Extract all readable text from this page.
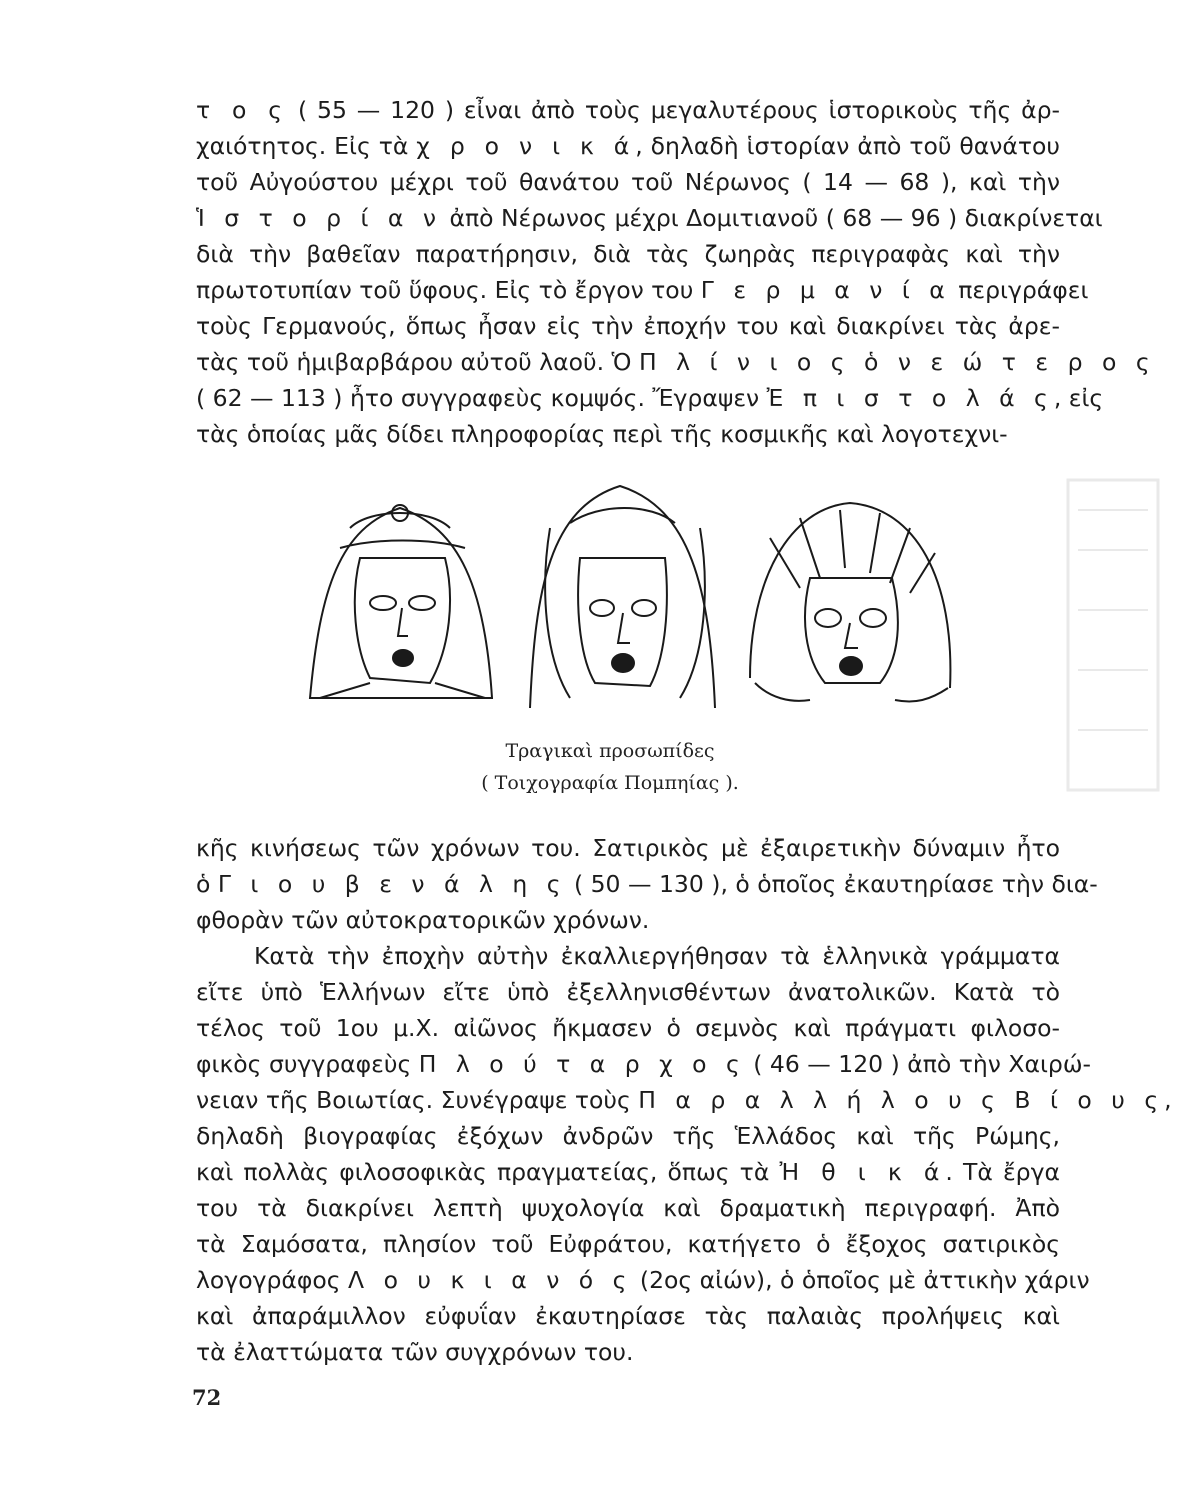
τ ο ς ( 55 — 120 ) εἶναι ἀπὸ τοὺς μεγαλυτέρους ἱστορικοὺς τῆς ἀρ-
χαιότητος. Εἰς τὰ χ ρ ο ν ι κ ά, δηλαδὴ ἱστορίαν ἀπὸ τοῦ θανάτου
τοῦ Αὐγούστου μέχρι τοῦ θανάτου τοῦ Νέρωνος ( 14 — 68 ), καὶ τὴν
Ἱ σ τ ο ρ ί α ν ἀπὸ Νέρωνος μέχρι Δομιτιανοῦ ( 68 — 96 ) διακρίνεται
διὰ τὴν βαθεῖαν παρατήρησιν, διὰ τὰς ζωηρὰς περιγραφὰς καὶ τὴν
πρωτοτυπίαν τοῦ ὕφους. Εἰς τὸ ἔργον του Γ ε ρ μ α ν ί α περιγράφει
τοὺς Γερμανούς, ὅπως ἦσαν εἰς τὴν ἐποχήν του καὶ διακρίνει τὰς ἀρε-
τὰς τοῦ ἡμιβαρβάρου αὐτοῦ λαοῦ. Ὁ Π λ ί ν ι ο ς ὁ ν ε ώ τ ε ρ ο ς
( 62 — 113 ) ἦτο συγγραφεὺς κομψός. Ἔγραψεν Ἐ π ι σ τ ο λ ά ς, εἰς
τὰς ὁποίας μᾶς δίδει πληροφορίας περὶ τῆς κοσμικῆς καὶ λογοτεχνι-
κῆς κινήσεως τῶν χρόνων του. Σατιρικὸς μὲ ἐξαιρετικὴν δύναμιν ἦτο
ὁ Γ ι ο υ β ε ν ά λ η ς ( 50 — 130 ), ὁ ὁποῖος ἐκαυτηρίασε τὴν δια-
φθορὰν τῶν αὐτοκρατορικῶν χρόνων.
Κατὰ τὴν ἐποχὴν αὐτὴν ἐκαλλιεργήθησαν τὰ ἑλληνικὰ γράμματα
εἴτε ὑπὸ Ἑλλήνων εἴτε ὑπὸ ἐξελληνισθέντων ἀνατολικῶν. Κατὰ τὸ
τέλος τοῦ 1ου μ.Χ. αἰῶνος ἤκμασεν ὁ σεμνὸς καὶ πράγματι φιλοσο-
φικὸς συγγραφεὺς Π λ ο ύ τ α ρ χ ο ς ( 46 — 120 ) ἀπὸ τὴν Χαιρώ-
νειαν τῆς Βοιωτίας. Συνέγραψε τοὺς Π α ρ α λ λ ή λ ο υ ς Β ί ο υ ς,
δηλαδὴ βιογραφίας ἐξόχων ἀνδρῶν τῆς Ἑλλάδος καὶ τῆς Ρώμης,
καὶ πολλὰς φιλοσοφικὰς πραγματείας, ὅπως τὰ Ἠ θ ι κ ά. Τὰ ἔργα
του τὰ διακρίνει λεπτὴ ψυχολογία καὶ δραματικὴ περιγραφή. Ἀπὸ
τὰ Σαμόσατα, πλησίον τοῦ Εὐφράτου, κατήγετο ὁ ἔξοχος σατιρικὸς
λογογράφος Λ ο υ κ ι α ν ό ς (2ος αἰών), ὁ ὁποῖος μὲ ἀττικὴν χάριν
καὶ ἀπαράμιλλον εὐφυΐαν ἐκαυτηρίασε τὰς παλαιὰς προλήψεις καὶ
τὰ ἐλαττώματα τῶν συγχρόνων του.
Τραγικαὶ προσωπίδες
( Τοιχογραφία Πομπηίας ).
72
